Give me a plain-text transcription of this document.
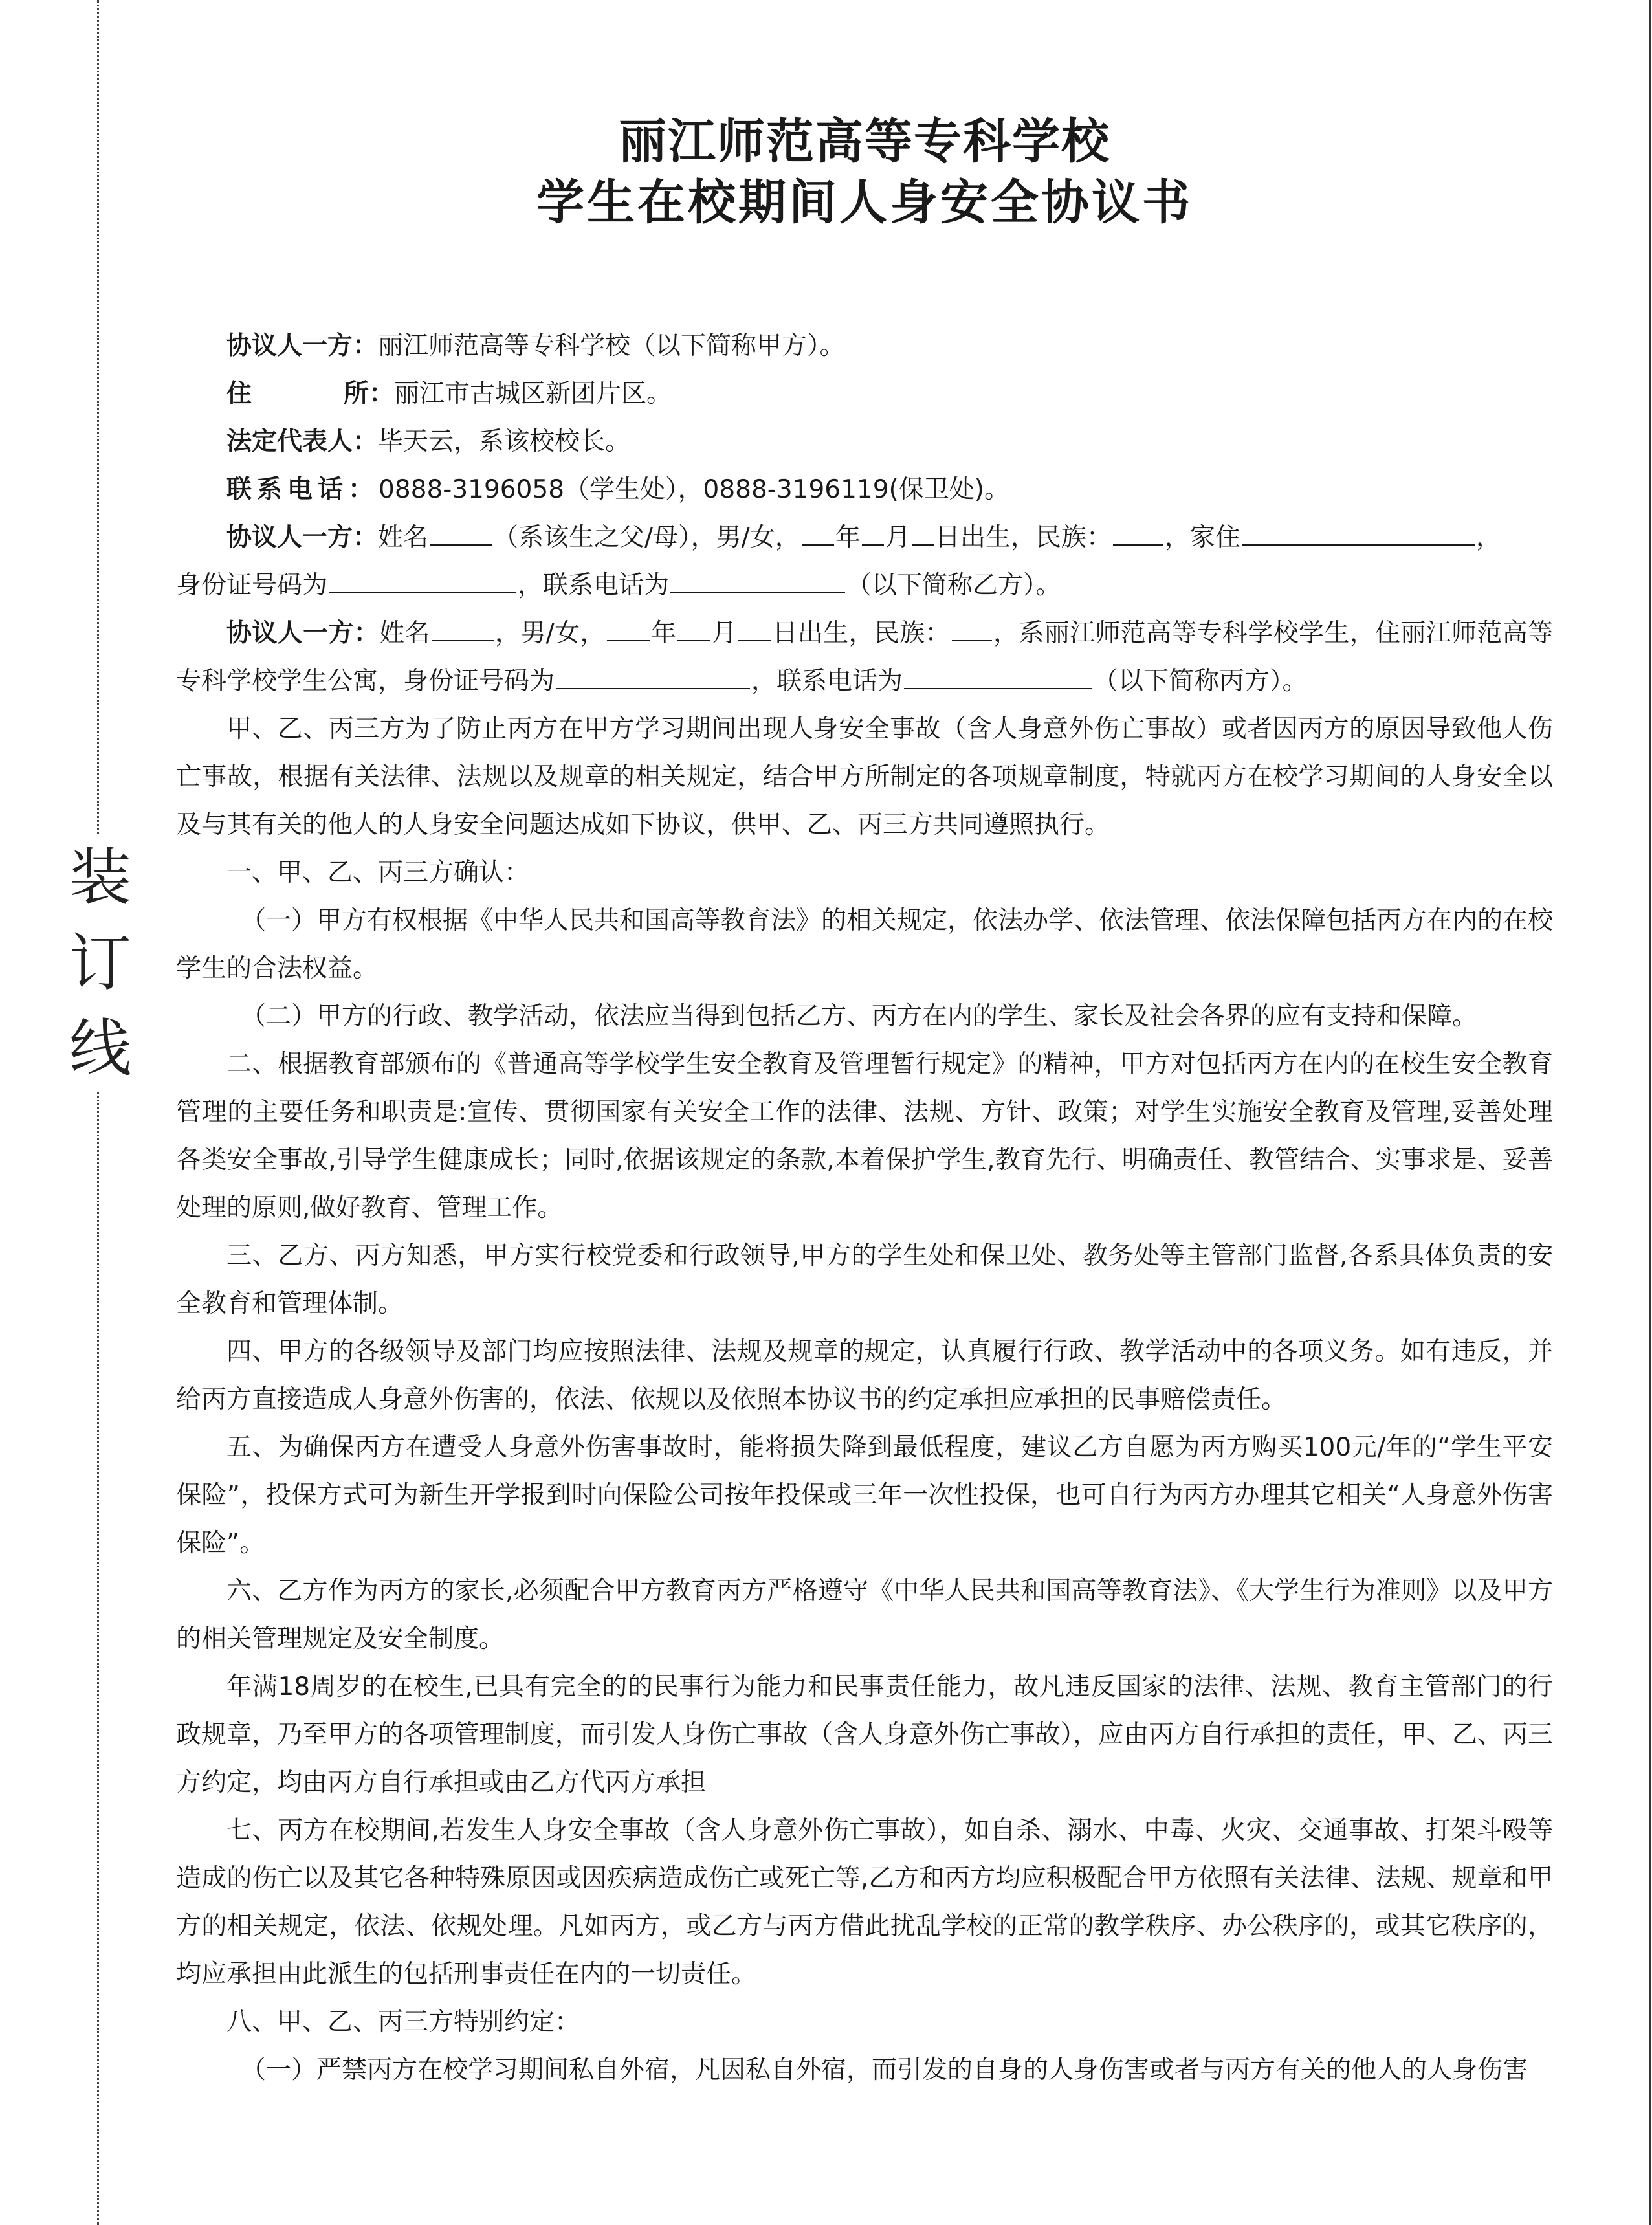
装
订
线
丽江师范高等专科学校
学生在校期间人身安全协议书

协议人一方：丽江师范高等专科学校（以下简称甲方）。

住	所：丽江市古城区新团片区。

法定代表人：毕天云，系该校校长。

联系电话：0888-3196058（学生处），0888-3196119(保卫处)。

协议人一方：姓名	（系该生之父/母），男/女， 年 月 日出生，民族： ，家住	，
身份证号码为	，联系电话为	（以下简称乙方）。

协议人一方：姓名	，男/女， 年 月 日出生，民族： ，系丽江师范高等专科学校学生，住丽江师范高等专科学校学生公寓，身份证号码为	，联系电话为	（以下简称丙方）。

甲、乙、丙三方为了防止丙方在甲方学习期间出现人身安全事故（含人身意外伤亡事故）或者因丙方的原因导致他人伤亡事故，根据有关法律、法规以及规章的相关规定，结合甲方所制定的各项规章制度，特就丙方在校学习期间的人身安全以及与其有关的他人的人身安全问题达成如下协议，供甲、乙、丙三方共同遵照执行。

一、甲、乙、丙三方确认：

（一）甲方有权根据《中华人民共和国高等教育法》的相关规定，依法办学、依法管理、依法保障包括丙方在内的在校学生的合法权益。

（二）甲方的行政、教学活动，依法应当得到包括乙方、丙方在内的学生、家长及社会各界的应有支持和保障。

二、根据教育部颁布的《普通高等学校学生安全教育及管理暂行规定》的精神，甲方对包括丙方在内的在校生安全教育管理的主要任务和职责是:宣传、贯彻国家有关安全工作的法律、法规、方针、政策；对学生实施安全教育及管理,妥善处理各类安全事故,引导学生健康成长；同时,依据该规定的条款,本着保护学生,教育先行、明确责任、教管结合、实事求是、妥善处理的原则,做好教育、管理工作。

三、乙方、丙方知悉，甲方实行校党委和行政领导,甲方的学生处和保卫处、教务处等主管部门监督,各系具体负责的安全教育和管理体制。

四、甲方的各级领导及部门均应按照法律、法规及规章的规定，认真履行行政、教学活动中的各项义务。如有违反，并给丙方直接造成人身意外伤害的，依法、依规以及依照本协议书的约定承担应承担的民事赔偿责任。

五、为确保丙方在遭受人身意外伤害事故时，能将损失降到最低程度，建议乙方自愿为丙方购买100元/年的“学生平安保险”，投保方式可为新生开学报到时向保险公司按年投保或三年一次性投保，也可自行为丙方办理其它相关“人身意外伤害保险”。

六、乙方作为丙方的家长,必须配合甲方教育丙方严格遵守《中华人民共和国高等教育法》、《大学生行为准则》以及甲方的相关管理规定及安全制度。

年满18周岁的在校生,已具有完全的的民事行为能力和民事责任能力，故凡违反国家的法律、法规、教育主管部门的行政规章，乃至甲方的各项管理制度，而引发人身伤亡事故（含人身意外伤亡事故），应由丙方自行承担的责任，甲、乙、丙三方约定，均由丙方自行承担或由乙方代丙方承担

七、丙方在校期间,若发生人身安全事故（含人身意外伤亡事故），如自杀、溺水、中毒、火灾、交通事故、打架斗殴等造成的伤亡以及其它各种特殊原因或因疾病造成伤亡或死亡等,乙方和丙方均应积极配合甲方依照有关法律、法规、规章和甲方的相关规定，依法、依规处理。凡如丙方，或乙方与丙方借此扰乱学校的正常的教学秩序、办公秩序的，或其它秩序的，均应承担由此派生的包括刑事责任在内的一切责任。

八、甲、乙、丙三方特别约定：

（一）严禁丙方在校学习期间私自外宿，凡因私自外宿，而引发的自身的人身伤害或者与丙方有关的他人的人身伤害
